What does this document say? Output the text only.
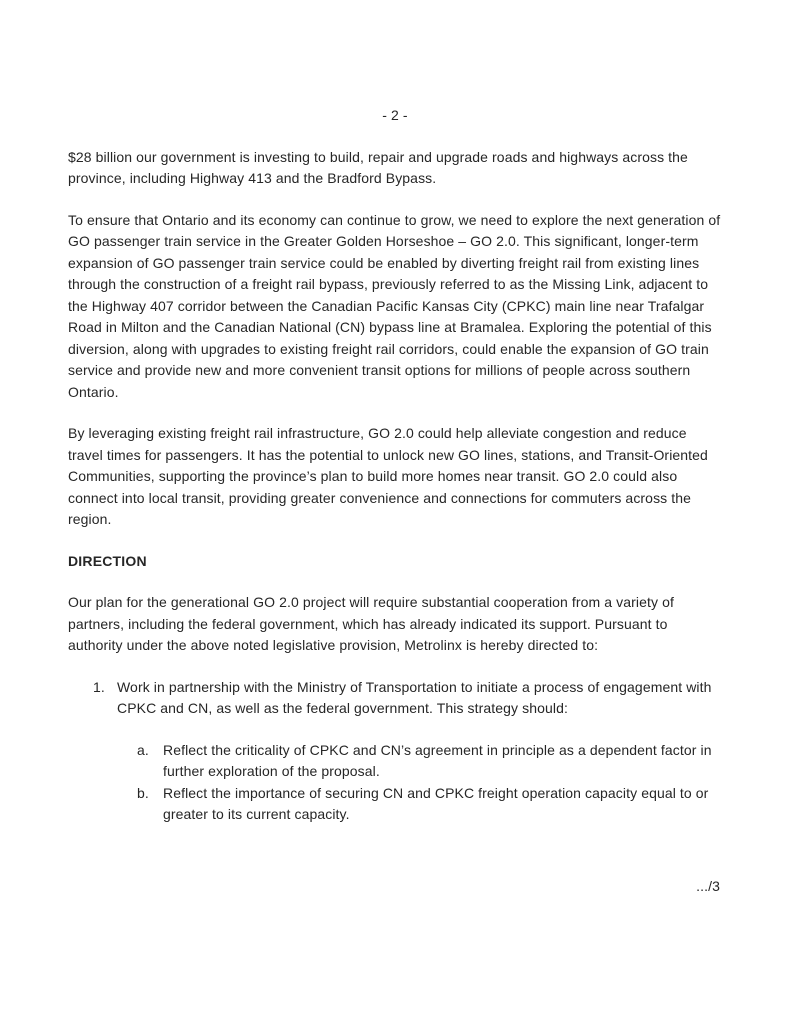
- 2 -

$28 billion our government is investing to build, repair and upgrade roads and highways across the province, including Highway 413 and the Bradford Bypass.

To ensure that Ontario and its economy can continue to grow, we need to explore the next generation of GO passenger train service in the Greater Golden Horseshoe – GO 2.0. This significant, longer-term expansion of GO passenger train service could be enabled by diverting freight rail from existing lines through the construction of a freight rail bypass, previously referred to as the Missing Link, adjacent to the Highway 407 corridor between the Canadian Pacific Kansas City (CPKC) main line near Trafalgar Road in Milton and the Canadian National (CN) bypass line at Bramalea. Exploring the potential of this diversion, along with upgrades to existing freight rail corridors, could enable the expansion of GO train service and provide new and more convenient transit options for millions of people across southern Ontario.

By leveraging existing freight rail infrastructure, GO 2.0 could help alleviate congestion and reduce travel times for passengers. It has the potential to unlock new GO lines, stations, and Transit-Oriented Communities, supporting the province’s plan to build more homes near transit. GO 2.0 could also connect into local transit, providing greater convenience and connections for commuters across the region.

DIRECTION

Our plan for the generational GO 2.0 project will require substantial cooperation from a variety of partners, including the federal government, which has already indicated its support. Pursuant to authority under the above noted legislative provision, Metrolinx is hereby directed to:

1. Work in partnership with the Ministry of Transportation to initiate a process of engagement with CPKC and CN, as well as the federal government. This strategy should:
a.	Reflect the criticality of CPKC and CN’s agreement in principle as a dependent factor in further exploration of the proposal.
b.	Reflect the importance of securing CN and CPKC freight operation capacity equal to or greater to its current capacity.
.../3
